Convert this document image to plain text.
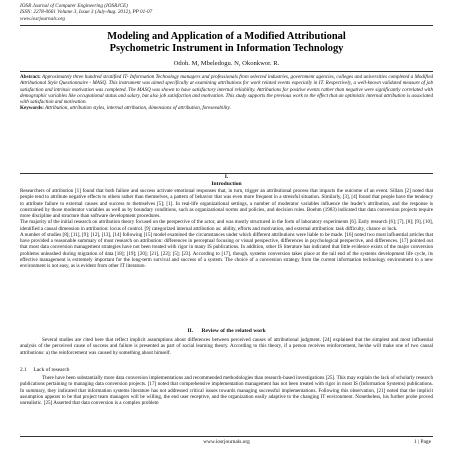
IOSR Journal of Computer Engineering (IOSRJCE)
ISSN: 2278-0661 Volume 3, Issue 3 (July-Aug. 2012), PP 01-07
www.iosrjournals.org
Modeling and Application of a Modified Attributional
Psychometric Instrument in Information Technology
Odoh. M, Mbeledogu. N, Okonkwor. R.
Abstract: Approximately three hundred stratified IT- Information Technology managers and professionals from selected industries, government agencies, colleges and universities completed a Modified Attributional Style Questionnaire - MASQ. This instrument was aimed specifically at examining attributions for work related events especially in IT. Respectively, a well-known validated measure of job satisfaction and intrinsic motivation was completed. The MASQ was shown to have satisfactory internal reliability. Attributions for positive events rather than negative were significantly correlated with demographic variables like occupational status and salary, but also job satisfaction and motivation. This study supports the previous work to the effect that an optimistic internal attribution is associated with satisfaction and motivation.
Keywords: Attribution, attribution styles, internal attribution, dimensions of attribution, foreseeability.
I.
Introduction
Researchers of attribution [1] found that both failure and success activate emotional responses that, in turn, trigger an attributional process that impacts the outcome of an event. Sillars [2] noted that people tend to attribute negative effects to others rather than themselves, a pattern of behavior that was even more frequent in a stressful situation. Similarly, [3], [4] found that people have the tendency to attribute failure to external causes and success to themselves [5]; [1]. In real-life organizational settings, a number of moderator variables influence the leader's attribution, and the response is constrained by those moderator variables as well as by boundary conditions, such as organizational norms and policies, and decision rules. Boehm (1983) indicated that data conversion projects require more discipline and structure than software development procedures.
The majority of the initial research on attribution theory focused on the perspective of the actor, and was mostly structured in the form of laboratory experiments [6]. Early research [6]; [7], [8]; [9], [10], identified a causal dimension in attribution: locus of control. [9] categorized internal attribution as: ability, efforts and motivation, and external attribution: task difficulty, chance or luck.
A number of studies [8]; [11], [9]; [12], [13], [14] following [15] model examined the circumstances under which different attributions were liable to be made. [16] noted two most influential articles that have provided a reasonable summary of most research on attribution: differences in perceptual focusing or visual perspective, differences in psychological perspective, and differences. [17] pointed out that most data conversion management strategies have not been treated with rigor in many IS publications. In addition, other IS literature has indicated that little evidence exists of the major conversion problems unleashed during migration of data [18]; [19]; [20]; [21], [22]; [5]; [23]. According to [17], though, systems conversion takes place at the tail end of the systems development life cycle, its effective management is extremely important for the long-term survival and success of a system. The choice of a conversion strategy from the current information technology environment to a new environment is not easy, as is evident from other IT literature.
II. Review of the related work
Several studies are cited here that reflect implicit assumptions about differences between perceived causes of attributional judgment. [24] explained that the simplest and most influential analysis of the perceived cause of success and failure is presented as part of social learning theory. According to this theory, if a person receives reinforcement, he/she will make one of two causal attributions: a) the reinforcement was caused by something about himself.
2.1 Lack of research
There have been substantially more data conversion implementations and recommended methodologies than research-based investigations [25]. This may explain the lack of scholarly research publications pertaining to managing data conversion projects. [17] noted that comprehensive implementation management has not been treated with rigor in most IS (Information Systems) publications. In summary, they indicated that information systems literature has not addressed critical issues towards managing successful implementations. Following this observation, [21] noted that the implicit assumption appears to be that project team managers will be willing, the end user receptive, and the organization easily adaptive to the changing IT environment. Nonetheless, his further probe proved unrealistic. [25] Asserted that data conversion is a complex problem
www.iosrjournals.org	1 | Page
